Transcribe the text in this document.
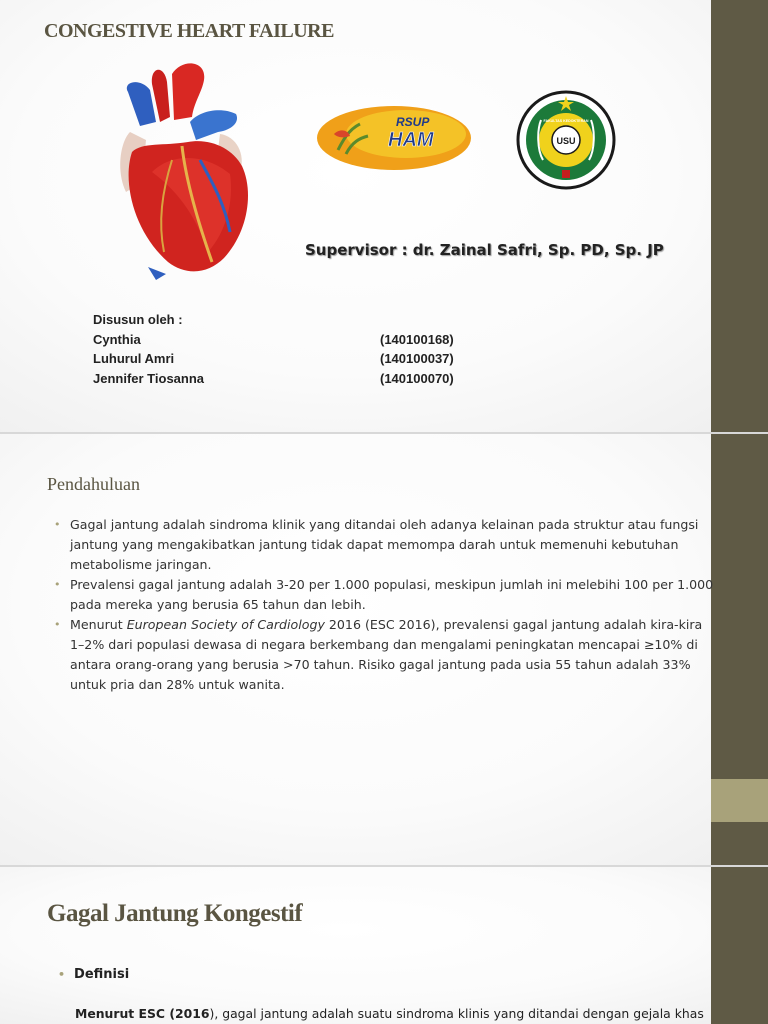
CONGESTIVE HEART FAILURE
RSUP
HAM	USU
FAKULTAS KEDOKTERAN
Supervisor : dr. Zainal Safri, Sp. PD, Sp. JP
Disusun oleh :
Cynthia	(140100168)
Luhurul Amri	(140100037)
Jennifer Tiosanna	(140100070)
Pendahuluan
• Gagal jantung adalah sindroma klinik yang ditandai oleh adanya kelainan pada struktur atau fungsi jantung yang mengakibatkan jantung tidak dapat memompa darah untuk memenuhi kebutuhan metabolisme jaringan.
• Prevalensi gagal jantung adalah 3-20 per 1.000 populasi, meskipun jumlah ini melebihi 100 per 1.000 pada mereka yang berusia 65 tahun dan lebih.
• Menurut European Society of Cardiology 2016 (ESC 2016), prevalensi gagal jantung adalah kira-kira 1–2% dari populasi dewasa di negara berkembang dan mengalami peningkatan mencapai ≥10% di antara orang-orang yang berusia >70 tahun. Risiko gagal jantung pada usia 55 tahun adalah 33% untuk pria dan 28% untuk wanita.
Gagal Jantung Kongestif
• Definisi
Menurut ESC (2016), gagal jantung adalah suatu sindroma klinis yang ditandai dengan gejala khas
